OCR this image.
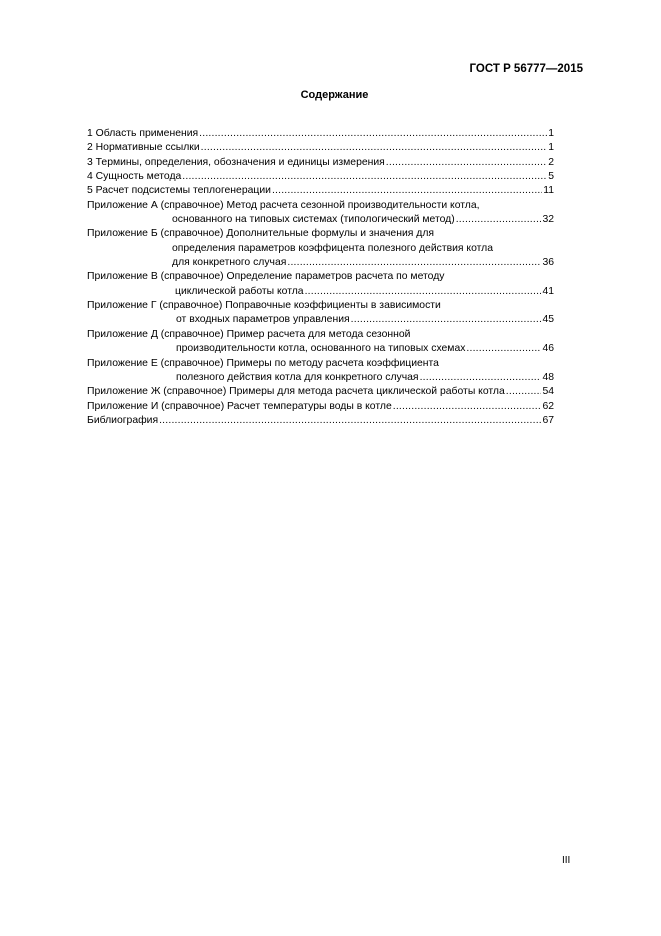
ГОСТ Р 56777—2015
Содержание
1 Область применения .....	1
2 Нормативные ссылки .....	1
3 Термины, определения, обозначения и единицы измерения .....	2
4 Сущность метода .....	5
5 Расчет подсистемы теплогенерации .....	11
Приложение А (справочное) Метод расчета сезонной производительности котла,
основанного на типовых системах (типологический метод) .....	32
Приложение Б (справочное) Дополнительные формулы и значения для
определения параметров коэффицента полезного действия котла
для конкретного случая .....	36
Приложение В (справочное) Определение параметров расчета по методу
циклической работы котла .....	41
Приложение Г (справочное) Поправочные коэффициенты в зависимости
от входных параметров управления .....	45
Приложение Д (справочное) Пример расчета для метода сезонной
производительности котла, основанного на типовых схемах .....	46
Приложение Е (справочное) Примеры по методу расчета коэффициента
полезного действия котла для конкретного случая .....	48
Приложение Ж (справочное) Примеры для метода расчета циклической работы котла .....	54
Приложение И (справочное) Расчет температуры воды в котле .....	62
Библиография .....	67
III
